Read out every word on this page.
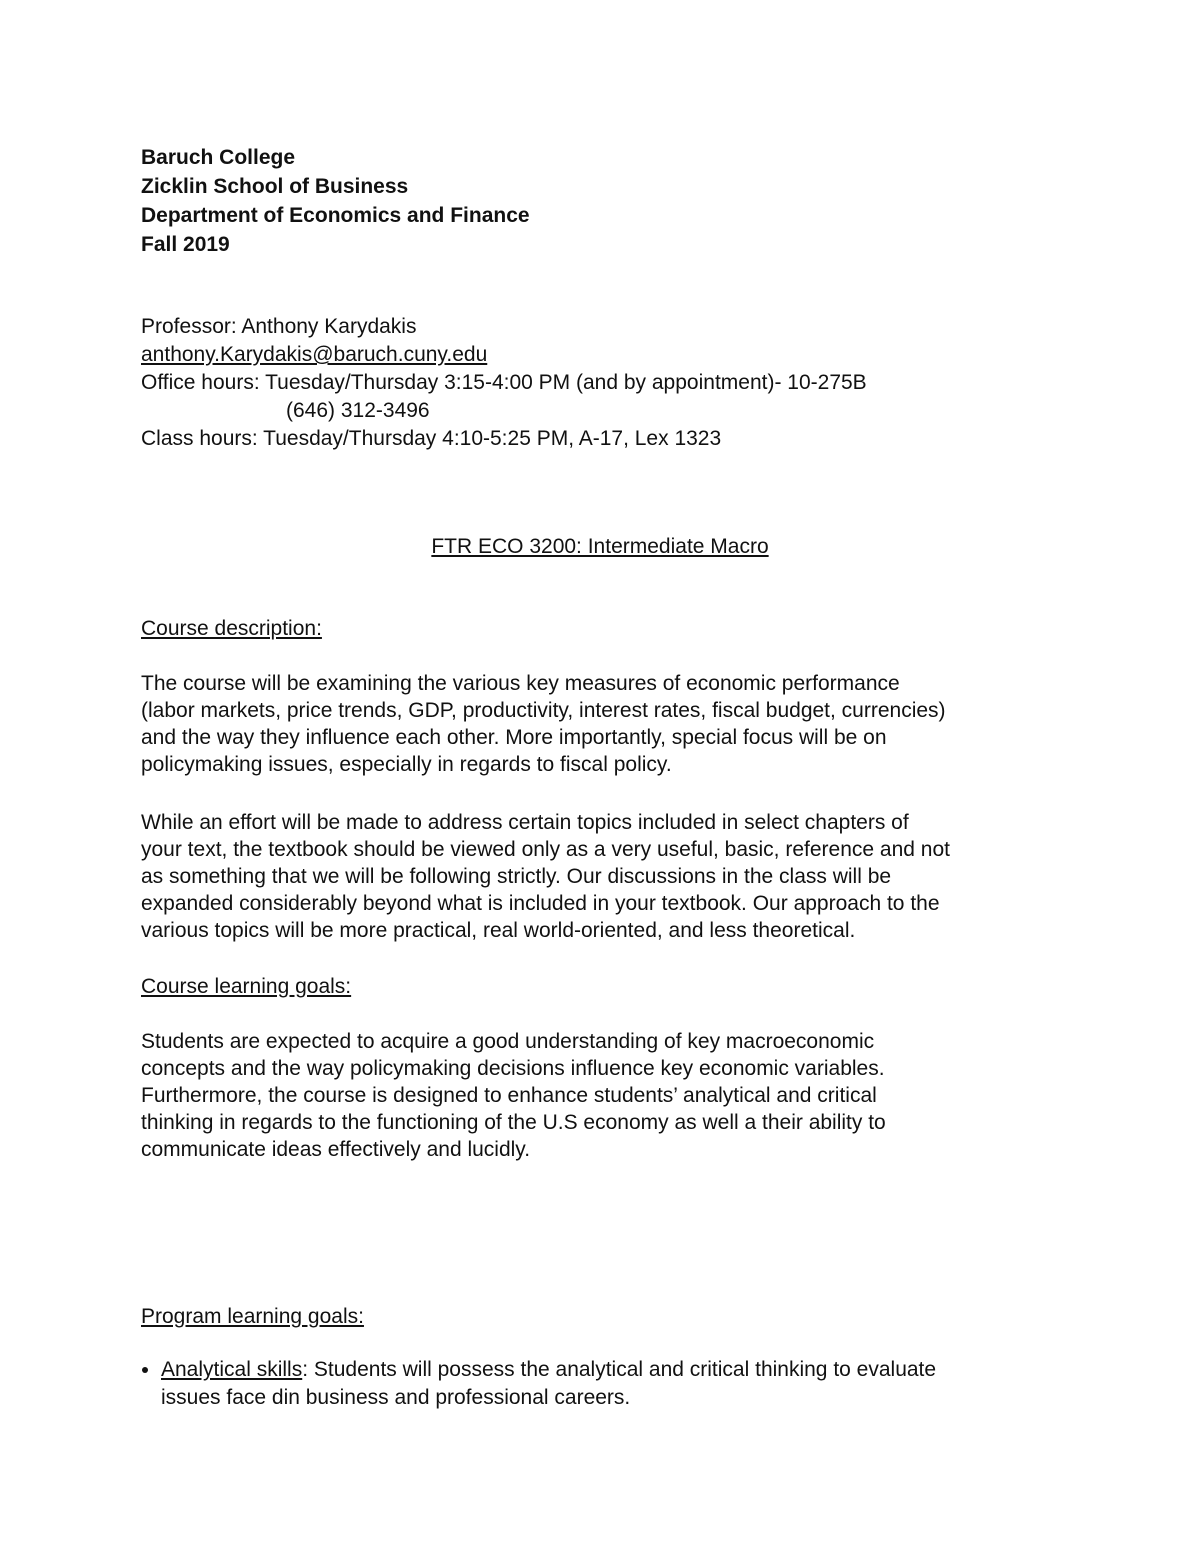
Baruch College
Zicklin School of Business
Department of Economics and Finance
Fall 2019
Professor: Anthony Karydakis
anthony.Karydakis@baruch.cuny.edu
Office hours: Tuesday/Thursday 3:15-4:00 PM (and by appointment)- 10-275B
(646) 312-3496
Class hours: Tuesday/Thursday 4:10-5:25 PM, A-17, Lex 1323
FTR ECO 3200: Intermediate Macro
Course description:
The course will be examining the various key measures of economic performance
(labor markets, price trends, GDP, productivity, interest rates, fiscal budget, currencies)
and the way they influence each other. More importantly, special focus will be on
policymaking issues, especially in regards to fiscal policy.
While an effort will be made to address certain topics included in select chapters of
your text, the textbook should be viewed only as a very useful, basic, reference and not
as something that we will be following strictly. Our discussions in the class will be
expanded considerably beyond what is included in your textbook. Our approach to the
various topics will be more practical, real world-oriented, and less theoretical.
Course learning goals:
Students are expected to acquire a good understanding of key macroeconomic
concepts and the way policymaking decisions influence key economic variables.
Furthermore, the course is designed to enhance students’ analytical and critical
thinking in regards to the functioning of the U.S economy as well a their ability to
communicate ideas effectively and lucidly.
Program learning goals:
Analytical skills: Students will possess the analytical and critical thinking to evaluate
issues face din business and professional careers.
